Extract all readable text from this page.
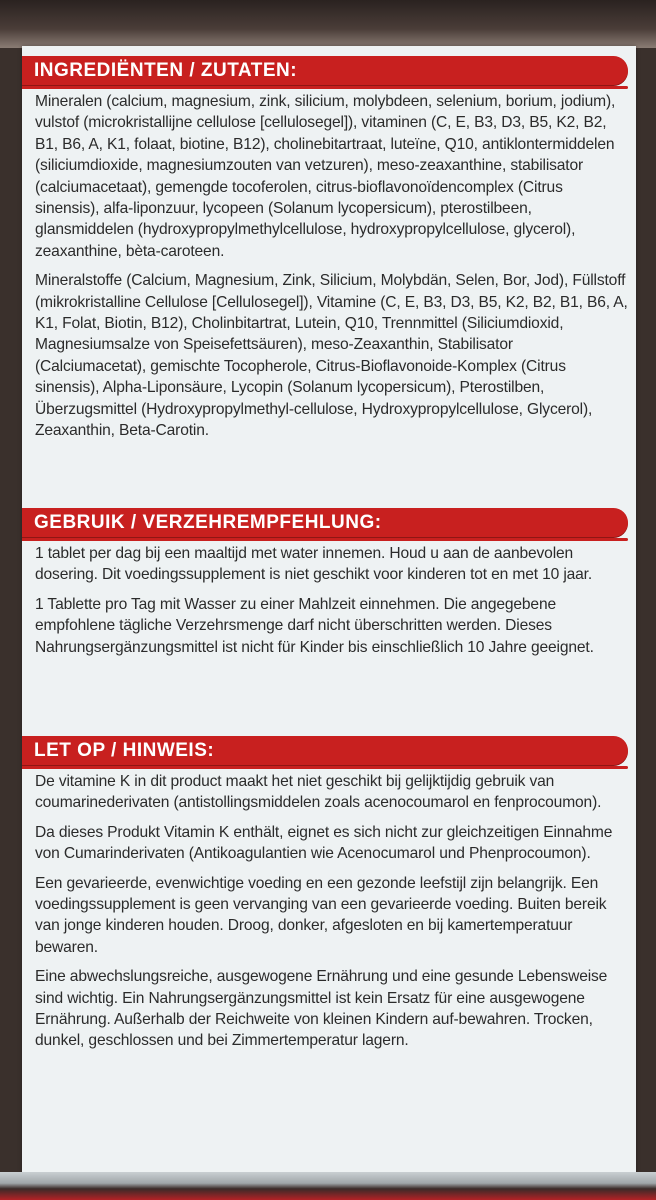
INGREDIËNTEN / ZUTATEN:

Mineralen (calcium, magnesium, zink, silicium, molybdeen, selenium, borium, jodium), vulstof (microkristallijne cellulose [cellulosegel]), vitaminen (C, E, B3, D3, B5, K2, B2, B1, B6, A, K1, folaat, biotine, B12), cholinebitartraat, luteïne, Q10, antiklontermiddelen (siliciumdioxide, magnesiumzouten van vetzuren), meso-zeaxanthine, stabilisator (calciumacetaat), gemengde tocoferolen, citrus-bioflavonoïdencomplex (Citrus sinensis), alfa-liponzuur, lycopeen (Solanum lycopersicum), pterostilbeen, glansmiddelen (hydroxypropylmethylcellulose, hydroxypropylcellulose, glycerol), zeaxanthine, bèta-caroteen.

Mineralstoffe (Calcium, Magnesium, Zink, Silicium, Molybdän, Selen, Bor, Jod), Füllstoff (mikrokristalline Cellulose [Cellulosegel]), Vitamine (C, E, B3, D3, B5, K2, B2, B1, B6, A, K1, Folat, Biotin, B12), Cholinbitartrat, Lutein, Q10, Trennmittel (Siliciumdioxid, Magnesiumsalze von Speisefettsäuren), meso-Zeaxanthin, Stabilisator (Calciumacetat), gemischte Tocopherole, Citrus-Bioflavonoide-Komplex (Citrus sinensis), Alpha-Liponsäure, Lycopin (Solanum lycopersicum), Pterostilben, Überzugsmittel (Hydroxypropylmethyl-cellulose, Hydroxypropylcellulose, Glycerol), Zeaxanthin, Beta-Carotin.

GEBRUIK / VERZEHREMPFEHLUNG:

1 tablet per dag bij een maaltijd met water innemen. Houd u aan de aanbevolen dosering. Dit voedingssupplement is niet geschikt voor kinderen tot en met 10 jaar.

1 Tablette pro Tag mit Wasser zu einer Mahlzeit einnehmen. Die angegebene empfohlene tägliche Verzehrsmenge darf nicht überschritten werden. Dieses Nahrungsergänzungsmittel ist nicht für Kinder bis einschließlich 10 Jahre geeignet.

LET OP / HINWEIS:

De vitamine K in dit product maakt het niet geschikt bij gelijktijdig gebruik van coumarinederivaten (antistollingsmiddelen zoals acenocoumarol en fenprocoumon).

Da dieses Produkt Vitamin K enthält, eignet es sich nicht zur gleichzeitigen Einnahme von Cumarinderivaten (Antikoagulantien wie Acenocumarol und Phenprocoumon).

Een gevarieerde, evenwichtige voeding en een gezonde leefstijl zijn belangrijk. Een voedingssupplement is geen vervanging van een gevarieerde voeding. Buiten bereik van jonge kinderen houden. Droog, donker, afgesloten en bij kamertemperatuur bewaren.

Eine abwechslungsreiche, ausgewogene Ernährung und eine gesunde Lebensweise sind wichtig. Ein Nahrungsergänzungsmittel ist kein Ersatz für eine ausgewogene Ernährung. Außerhalb der Reichweite von kleinen Kindern auf-bewahren. Trocken, dunkel, geschlossen und bei Zimmertemperatur lagern.
